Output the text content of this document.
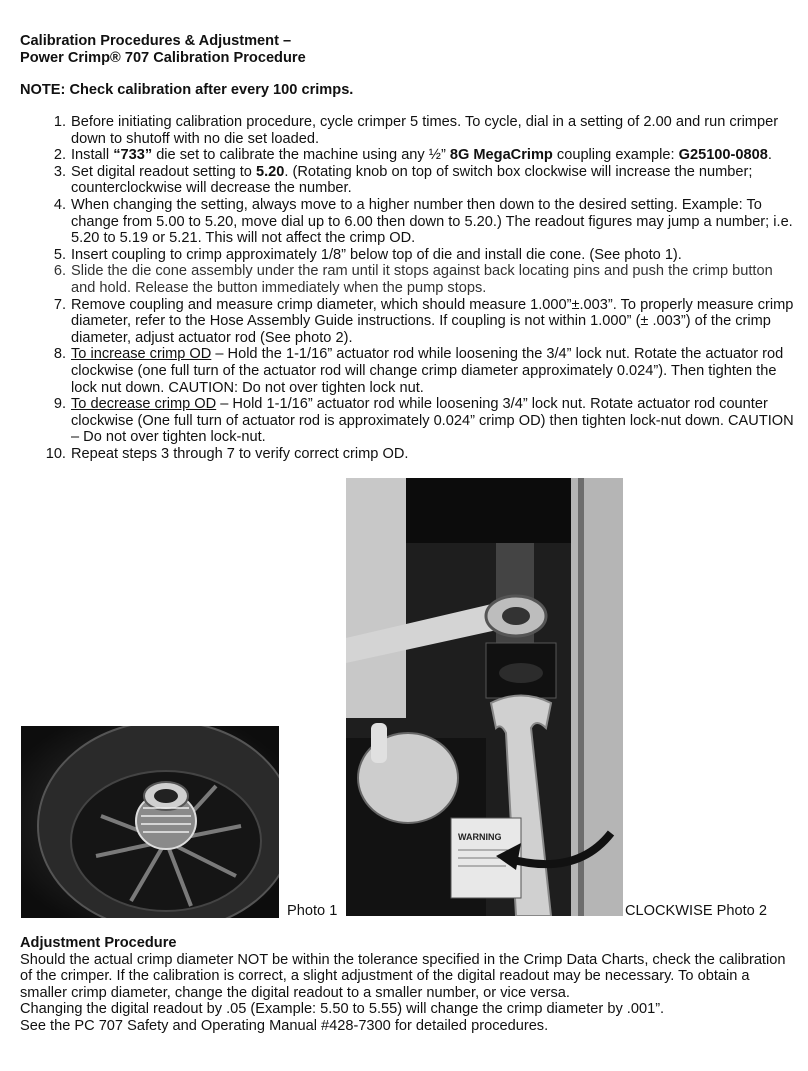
Calibration Procedures & Adjustment –
Power Crimp® 707 Calibration Procedure
NOTE: Check calibration after every 100 crimps.
1. Before initiating calibration procedure, cycle crimper 5 times. To cycle, dial in a setting of 2.00 and run crimper down to shutoff with no die set loaded.
2. Install “733” die set to calibrate the machine using any ½” 8G MegaCrimp coupling example: G25100-0808.
3. Set digital readout setting to 5.20. (Rotating knob on top of switch box clockwise will increase the number; counterclockwise will decrease the number.
4. When changing the setting, always move to a higher number then down to the desired setting. Example: To change from 5.00 to 5.20, move dial up to 6.00 then down to 5.20.) The readout figures may jump a number; i.e. 5.20 to 5.19 or 5.21. This will not affect the crimp OD.
5. Insert coupling to crimp approximately 1/8” below top of die and install die cone. (See photo 1).
6. Slide the die cone assembly under the ram until it stops against back locating pins and push the crimp button and hold. Release the button immediately when the pump stops.
7. Remove coupling and measure crimp diameter, which should measure 1.000”±.003”. To properly measure crimp diameter, refer to the Hose Assembly Guide instructions. If coupling is not within 1.000” (± .003”) of the crimp diameter, adjust actuator rod (See photo 2).
8. To increase crimp OD – Hold the 1-1/16” actuator rod while loosening the 3/4” lock nut. Rotate the actuator rod clockwise (one full turn of the actuator rod will change crimp diameter approximately 0.024”). Then tighten the lock nut down. CAUTION: Do not over tighten lock nut.
9. To decrease crimp OD – Hold 1-1/16” actuator rod while loosening 3/4” lock nut. Rotate actuator rod counter clockwise (One full turn of actuator rod is approximately 0.024” crimp OD) then tighten lock-nut down. CAUTION – Do not over tighten lock-nut.
10. Repeat steps 3 through 7 to verify correct crimp OD.
Photo 1
WARNING
CLOCKWISE Photo 2
Adjustment Procedure
Should the actual crimp diameter NOT be within the tolerance specified in the Crimp Data Charts, check the calibration of the crimper. If the calibration is correct, a slight adjustment of the digital readout may be necessary. To obtain a smaller crimp diameter, change the digital readout to a smaller number, or vice versa.
Changing the digital readout by .05 (Example: 5.50 to 5.55) will change the crimp diameter by .001”.
See the PC 707 Safety and Operating Manual #428-7300 for detailed procedures.
